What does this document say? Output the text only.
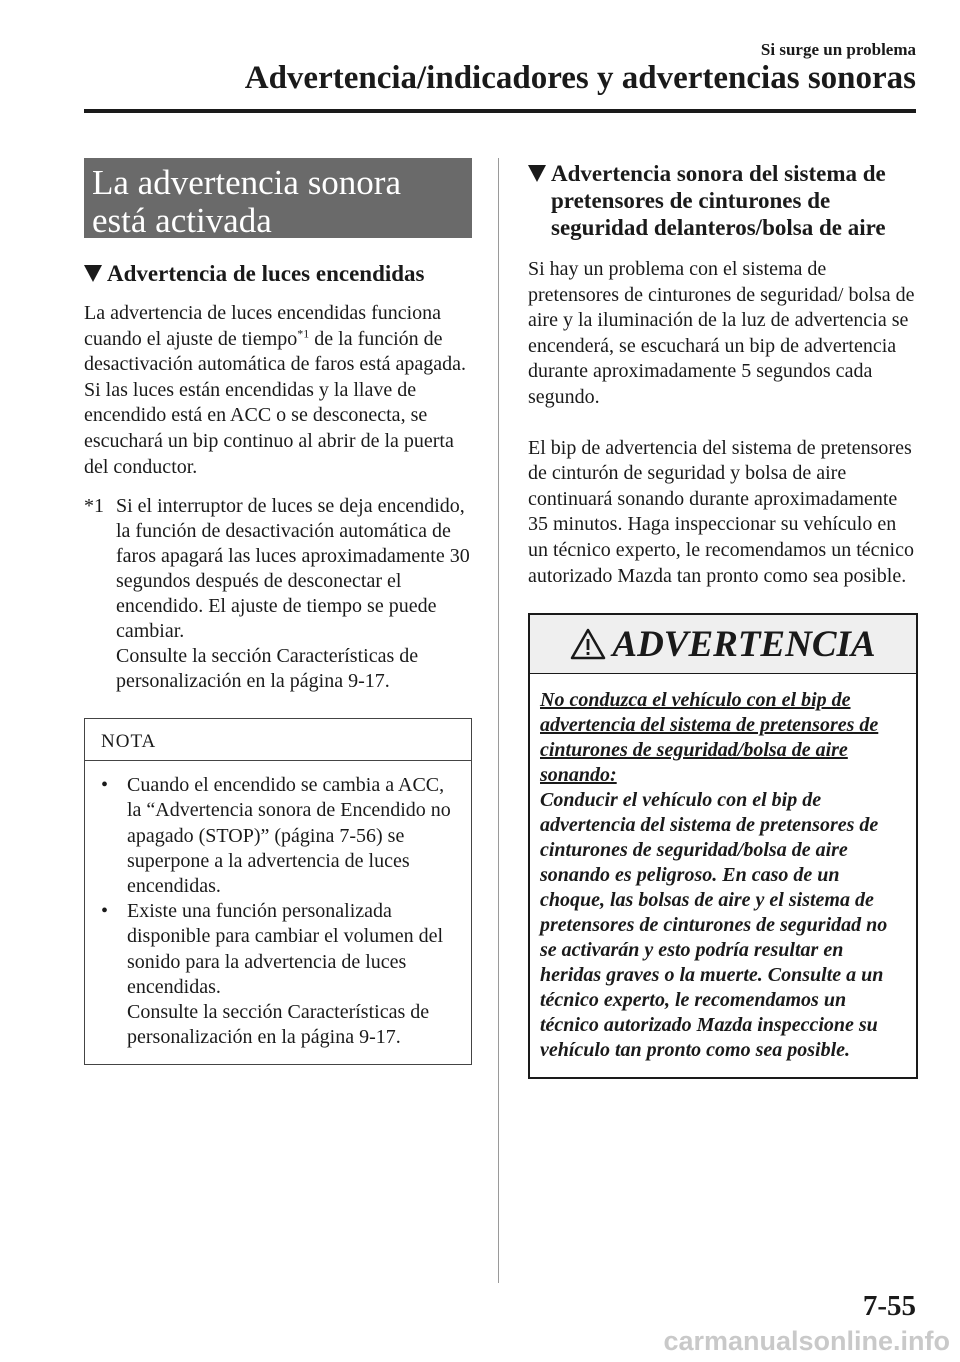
Si surge un problema
Advertencia/indicadores y advertencias sonoras
La advertencia sonora está activada
Advertencia de luces encendidas

La advertencia de luces encendidas funciona cuando el ajuste de tiempo$^{*1}$ de la función de desactivación automática de faros está apagada.

Si las luces están encendidas y la llave de encendido está en ACC o se desconecta, se escuchará un bip continuo al abrir de la puerta del conductor.

*1 Si el interruptor de luces se deja encendido, la función de desactivación automática de faros apagará las luces aproximadamente 30 segundos después de desconectar el encendido. El ajuste de tiempo se puede cambiar.

Consulte la sección Características de personalización en la página 9-17.

NOTA
• Cuando el encendido se cambia a ACC, la “Advertencia sonora de Encendido no apagado (STOP)” (página 7-56) se superpone a la advertencia de luces encendidas.
• Existe una función personalizada disponible para cambiar el volumen del sonido para la advertencia de luces encendidas.
Consulte la sección Características de personalización en la página 9-17.
Advertencia sonora del sistema de pretensores de cinturones de seguridad delanteros/bolsa de aire

Si hay un problema con el sistema de pretensores de cinturones de seguridad/ bolsa de aire y la iluminación de la luz de advertencia se encenderá, se escuchará un bip de advertencia durante aproximadamente 5 segundos cada segundo.

El bip de advertencia del sistema de pretensores de cinturón de seguridad y bolsa de aire continuará sonando durante aproximadamente 35 minutos. Haga inspeccionar su vehículo en un técnico experto, le recomendamos un técnico autorizado Mazda tan pronto como sea posible.

ADVERTENCIA
No conduzca el vehículo con el bip de advertencia del sistema de pretensores de cinturones de seguridad/bolsa de aire sonando:
Conducir el vehículo con el bip de advertencia del sistema de pretensores de cinturones de seguridad/bolsa de aire sonando es peligroso. En caso de un choque, las bolsas de aire y el sistema de pretensores de cinturones de seguridad no se activarán y esto podría resultar en heridas graves o la muerte. Consulte a un técnico experto, le recomendamos un técnico autorizado Mazda inspeccione su vehículo tan pronto como sea posible.
7-55
carmanualsonline.info
